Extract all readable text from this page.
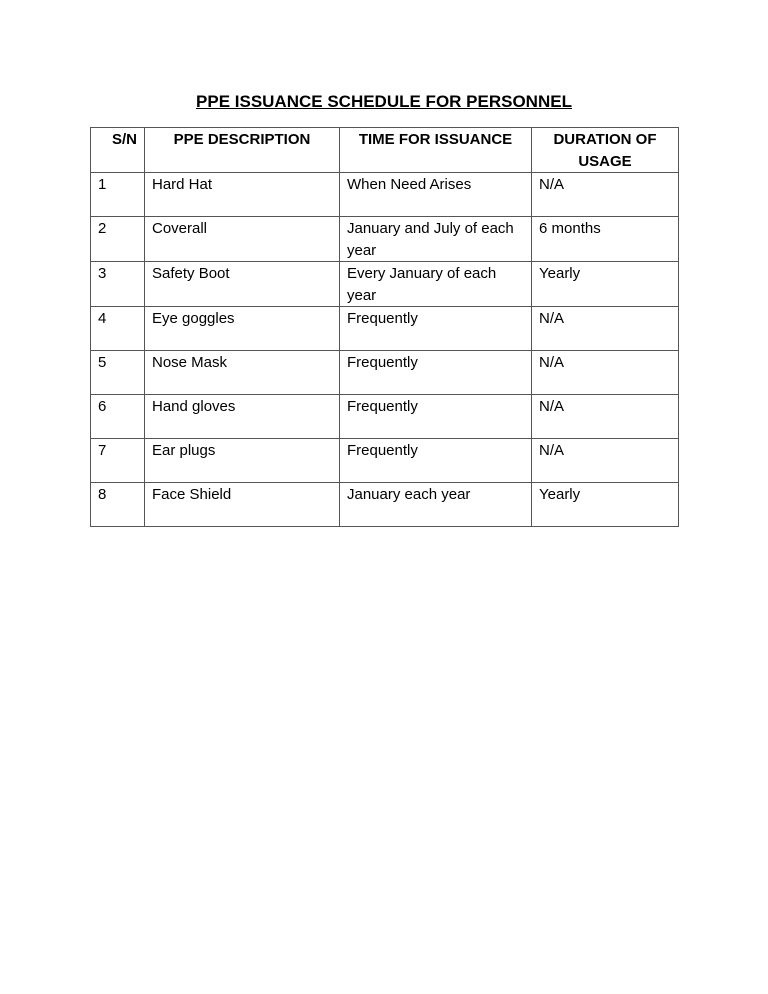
PPE ISSUANCE SCHEDULE FOR PERSONNEL
S/N	PPE DESCRIPTION	TIME FOR ISSUANCE	DURATION OF USAGE
1	Hard Hat	When Need Arises	N/A
2	Coverall	January and July of each year	6 months
3	Safety Boot	Every January of each year	Yearly
4	Eye goggles	Frequently	N/A
5	Nose Mask	Frequently	N/A
6	Hand gloves	Frequently	N/A
7	Ear plugs	Frequently	N/A
8	Face Shield	January each year	Yearly
